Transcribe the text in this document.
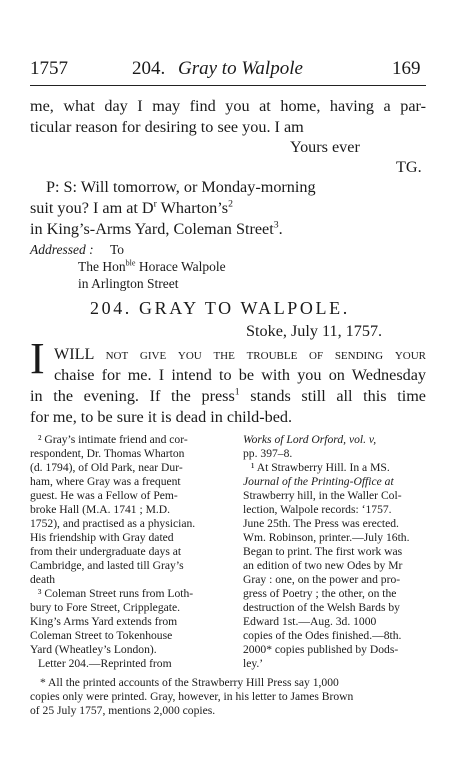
1757	204. Gray to Walpole	169
me, what day I may find you at home, having a par-
ticular reason for desiring to see you. I am
Yours ever
TG.
P: S: Will tomorrow, or Monday-morning
suit you? I am at $D^r$ $Wharton’s^2$
in King’s-Arms Yard, Coleman Street$^3$.
Addressed : To
The Hon$^{ble}$ Horace Walpole
in Arlington Street
204. GRAY TO WALPOLE.
Stoke, July 11, 1757.
I WILL not give you the trouble of sending your
chaise for me. I intend to be with you on Wednesday
in the evening. If the press$^1$ stands still all this time
for me, to be sure it is dead in child-bed.
² Gray’s intimate friend and cor-
respondent, Dr. Thomas Wharton
(d. 1794), of Old Park, near Dur-
ham, where Gray was a frequent
guest. He was a Fellow of Pem-
broke Hall (M.A. 1741 ; M.D.
1752), and practised as a physician.
His friendship with Gray dated
from their undergraduate days at
Cambridge, and lasted till Gray’s
death
³ Coleman Street runs from Loth-
bury to Fore Street, Cripplegate.
King’s Arms Yard extends from
Coleman Street to Tokenhouse
Yard (Wheatley’s London).
Letter 204.—Reprinted from
Works of Lord Orford, vol. v,
pp. 397–8.
¹ At Strawberry Hill. In a MS.
Journal of the Printing-Office at
Strawberry hill, in the Waller Col-
lection, Walpole records: ‘1757.
June 25th. The Press was erected.
Wm. Robinson, printer.—July 16th.
Began to print. The first work was
an edition of two new Odes by Mr
Gray : one, on the power and pro-
gress of Poetry ; the other, on the
destruction of the Welsh Bards by
Edward 1st.—Aug. 3d. 1000
copies of the Odes finished.—8th.
2000* copies published by Dods-
ley.’
* All the printed accounts of the Strawberry Hill Press say 1,000
copies only were printed. Gray, however, in his letter to James Brown
of 25 July 1757, mentions 2,000 copies.
